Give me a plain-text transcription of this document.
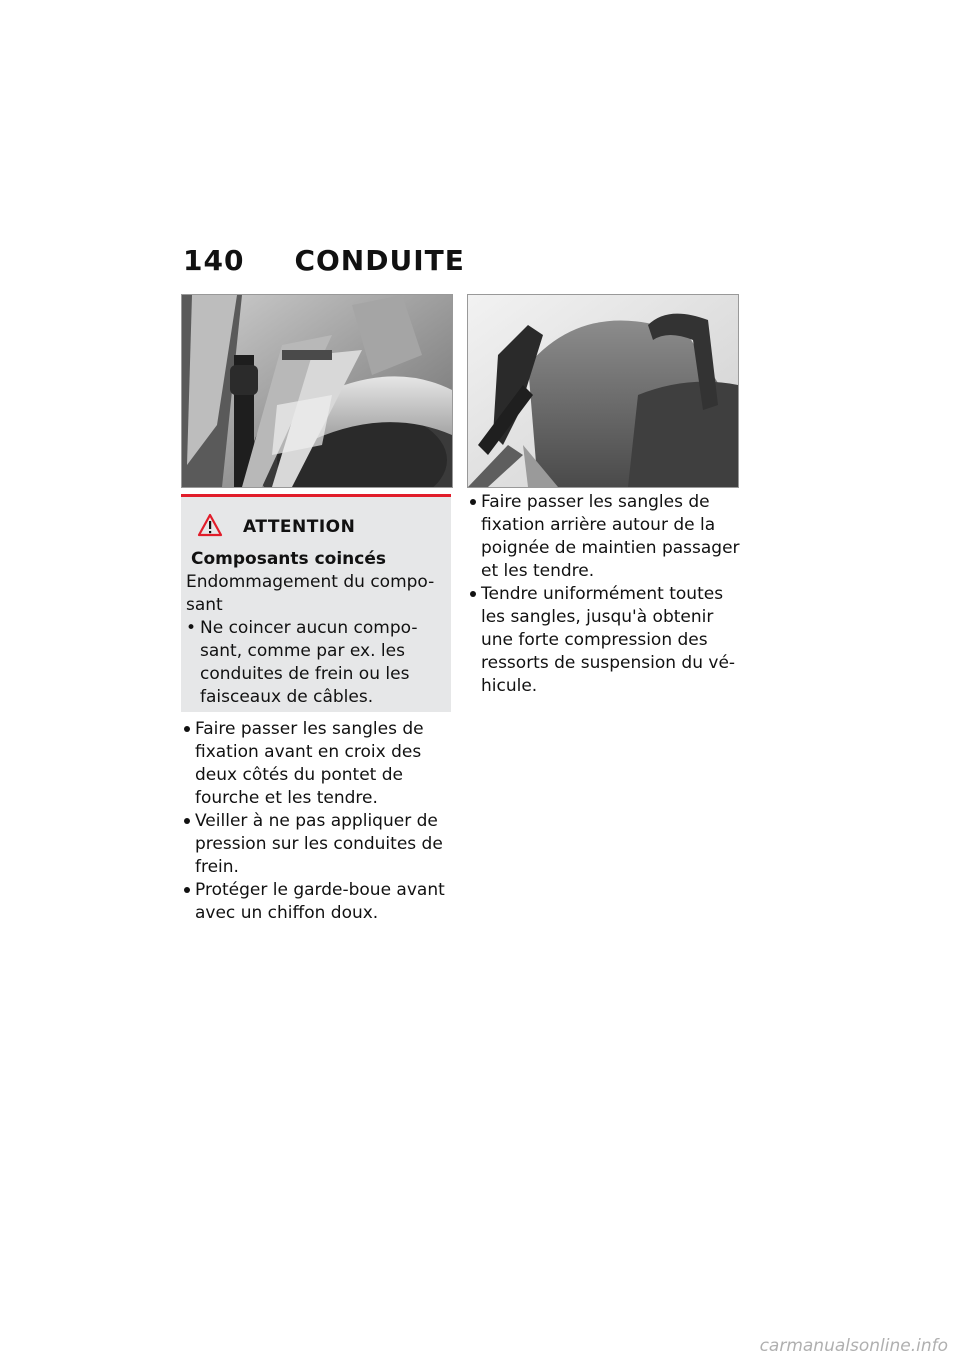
140 CONDUITE
ATTENTION
Composants coincés
Endommagement du compo-
sant
• Ne coincer aucun compo-
sant, comme par ex. les
conduites de frein ou les
faisceaux de câbles.
Faire passer les sangles de
fixation avant en croix des
deux côtés du pontet de
fourche et les tendre.
Veiller à ne pas appliquer de
pression sur les conduites de
frein.
Protéger le garde-boue avant
avec un chiffon doux.
Faire passer les sangles de
fixation arrière autour de la
poignée de maintien passager
et les tendre.
Tendre uniformément toutes
les sangles, jusqu'à obtenir
une forte compression des
ressorts de suspension du vé-
hicule.
carmanualsonline.info
